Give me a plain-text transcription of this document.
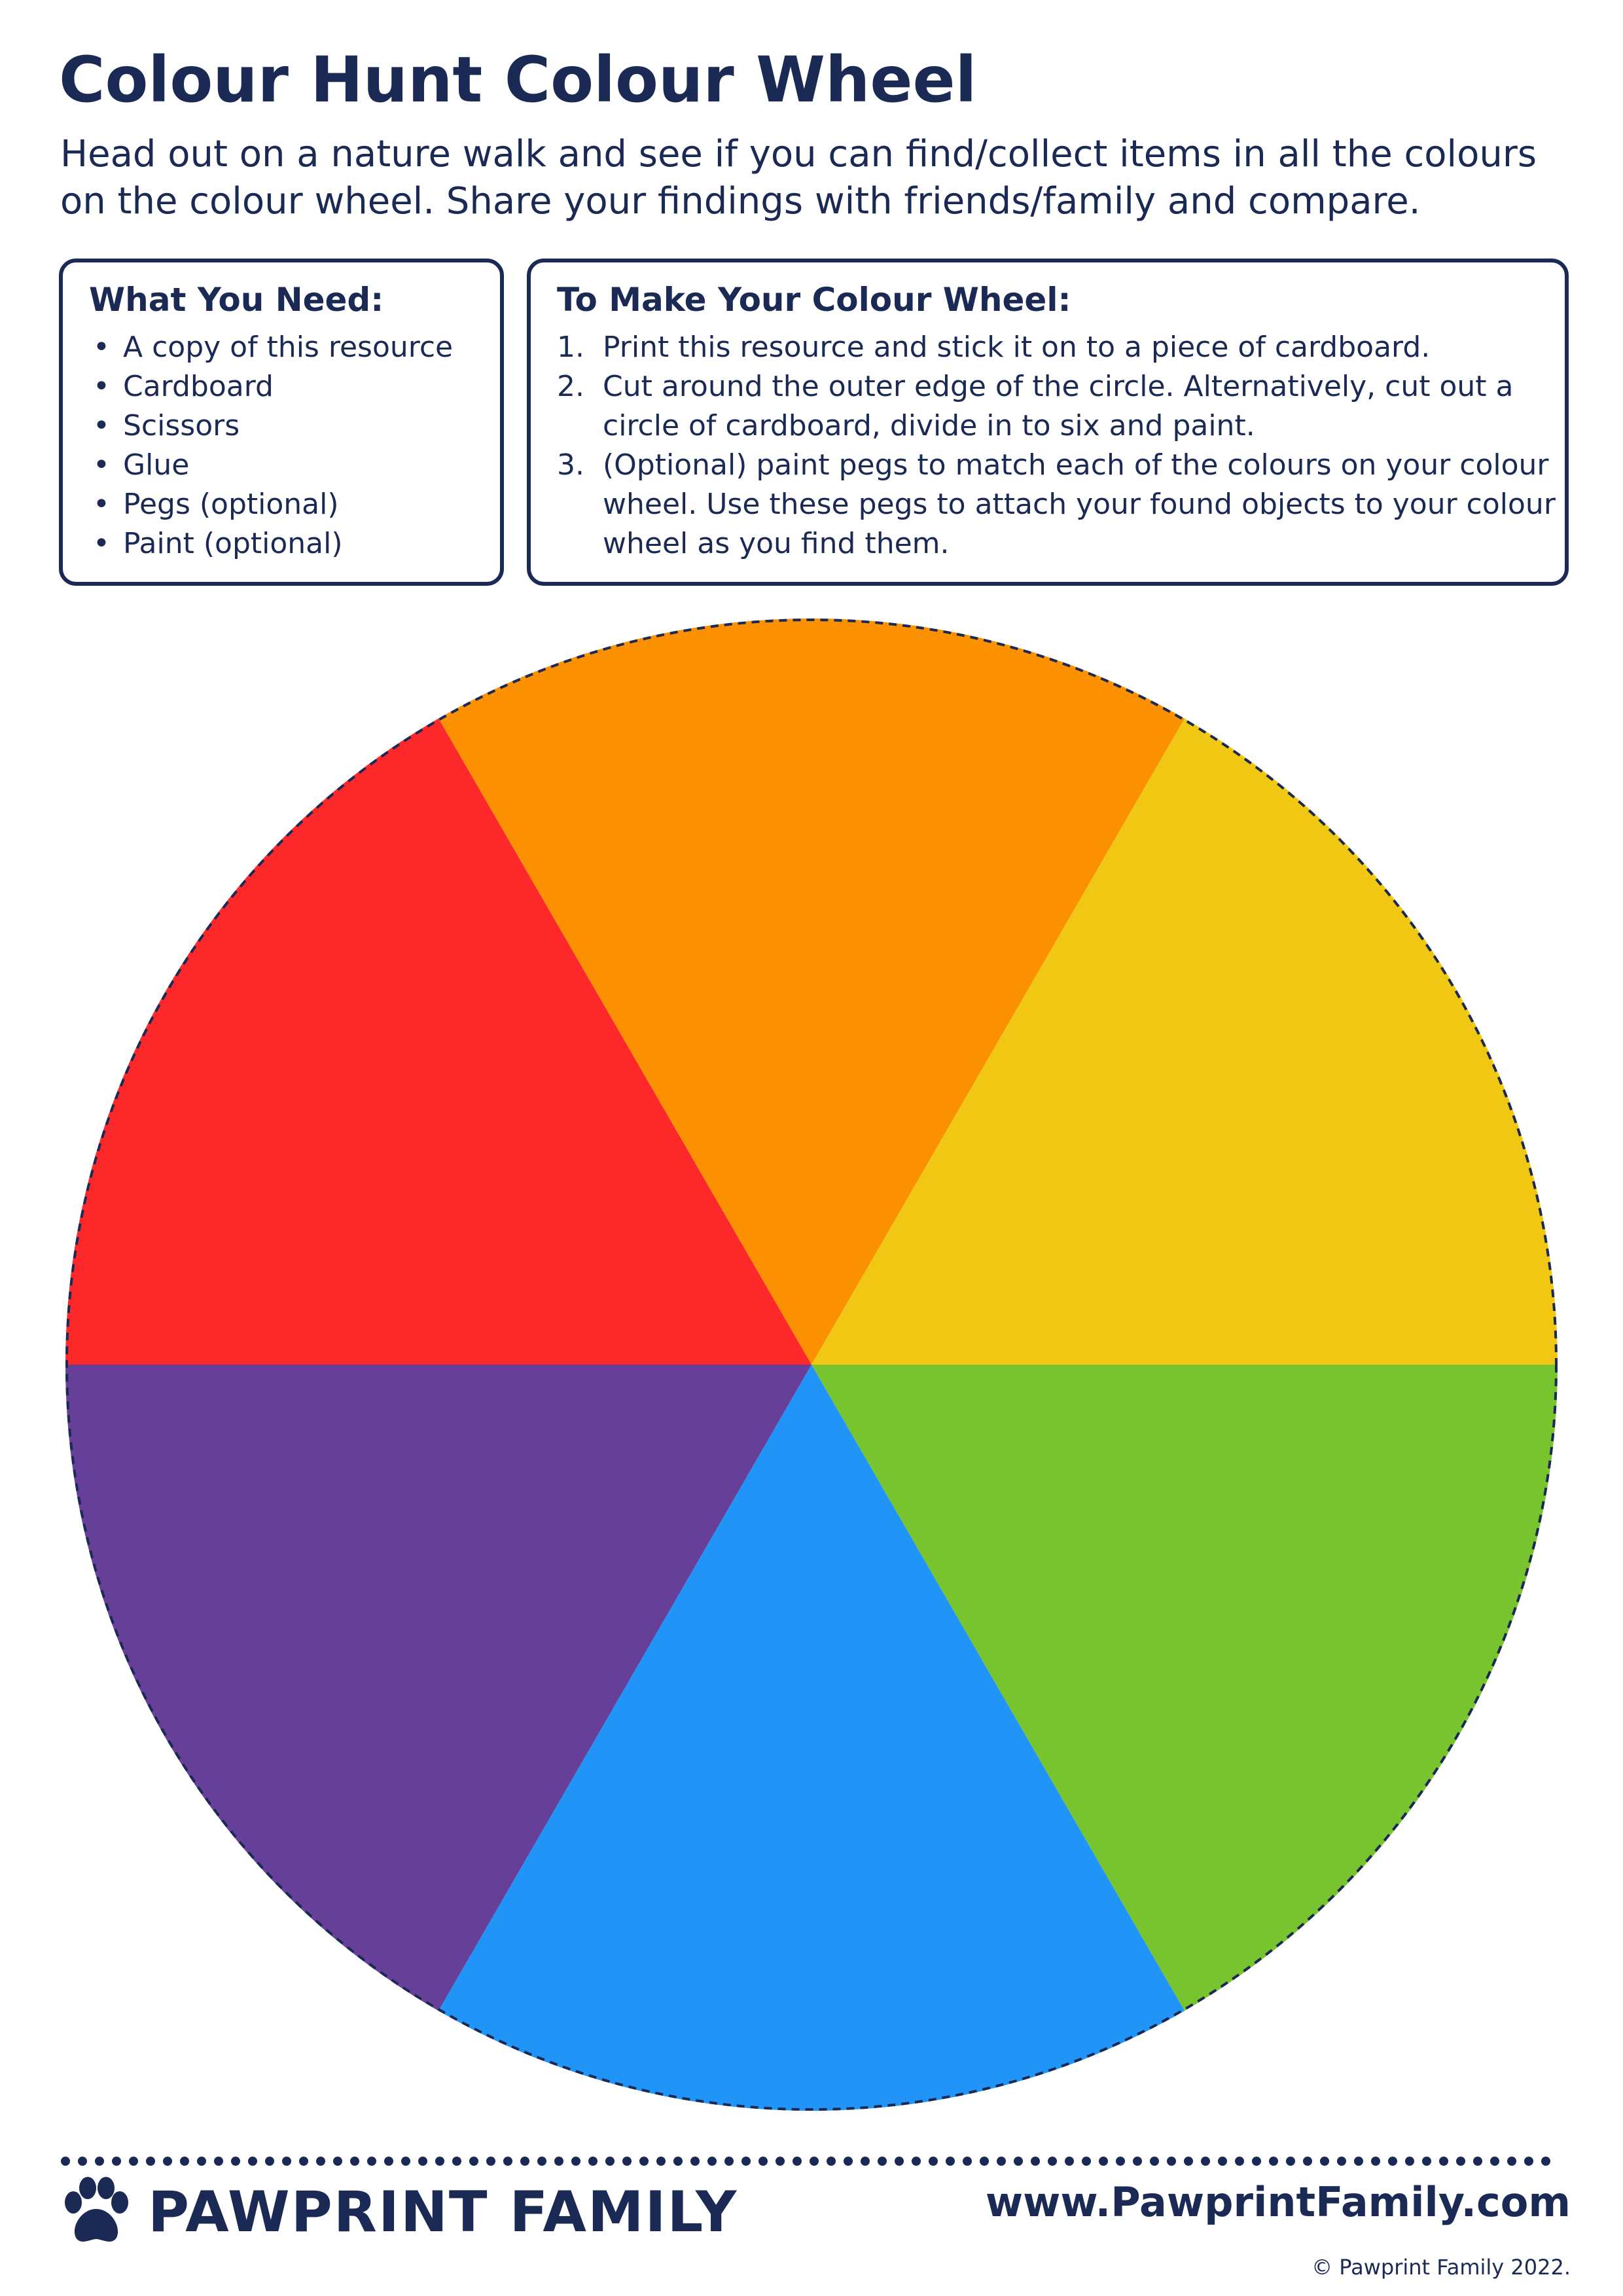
Colour Hunt Colour Wheel

Head out on a nature walk and see if you can find/collect items in all the colours on the colour wheel. Share your findings with friends/family and compare.

What You Need:
• A copy of this resource
• Cardboard
• Scissors
• Glue
• Pegs (optional)
• Paint (optional)
To Make Your Colour Wheel:
1. Print this resource and stick it on to a piece of cardboard.
2. Cut around the outer edge of the circle. Alternatively, cut out a circle of cardboard, divide in to six and paint.
3. (Optional) paint pegs to match each of the colours on your colour wheel. Use these pegs to attach your found objects to your colour wheel as you find them.
PAWPRINT FAMILY	www.PawprintFamily.com

© Pawprint Family 2022.
